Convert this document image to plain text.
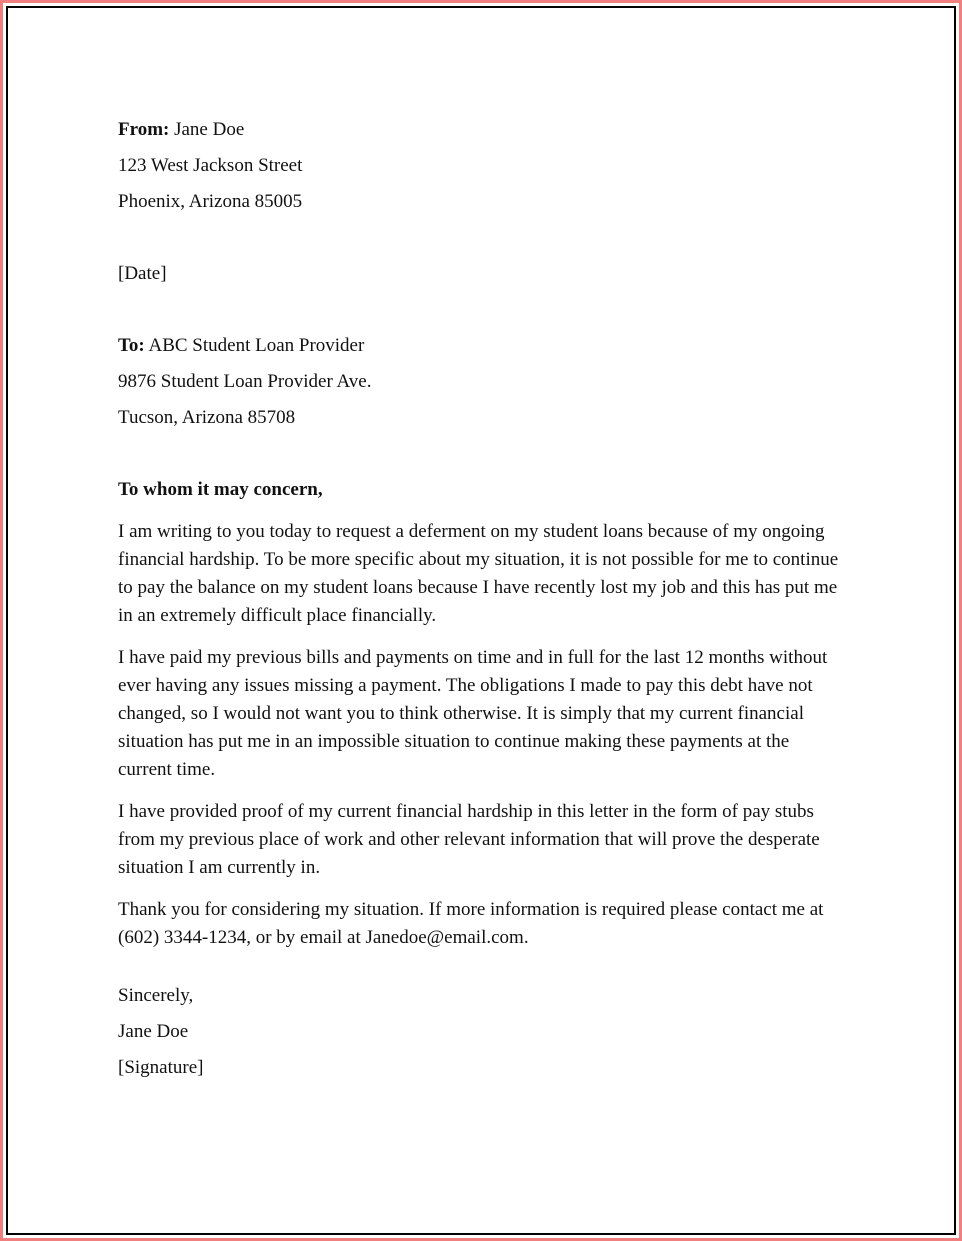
From: Jane Doe
123 West Jackson Street
Phoenix, Arizona 85005
[Date]
To: ABC Student Loan Provider
9876 Student Loan Provider Ave.
Tucson, Arizona 85708
To whom it may concern,

I am writing to you today to request a deferment on my student loans because of my ongoing financial hardship. To be more specific about my situation, it is not possible for me to continue to pay the balance on my student loans because I have recently lost my job and this has put me in an extremely difficult place financially.

I have paid my previous bills and payments on time and in full for the last 12 months without ever having any issues missing a payment. The obligations I made to pay this debt have not changed, so I would not want you to think otherwise. It is simply that my current financial situation has put me in an impossible situation to continue making these payments at the current time.

I have provided proof of my current financial hardship in this letter in the form of pay stubs from my previous place of work and other relevant information that will prove the desperate situation I am currently in.

Thank you for considering my situation. If more information is required please contact me at (602) 3344-1234, or by email at Janedoe@email.com.

Sincerely,
Jane Doe
[Signature]
